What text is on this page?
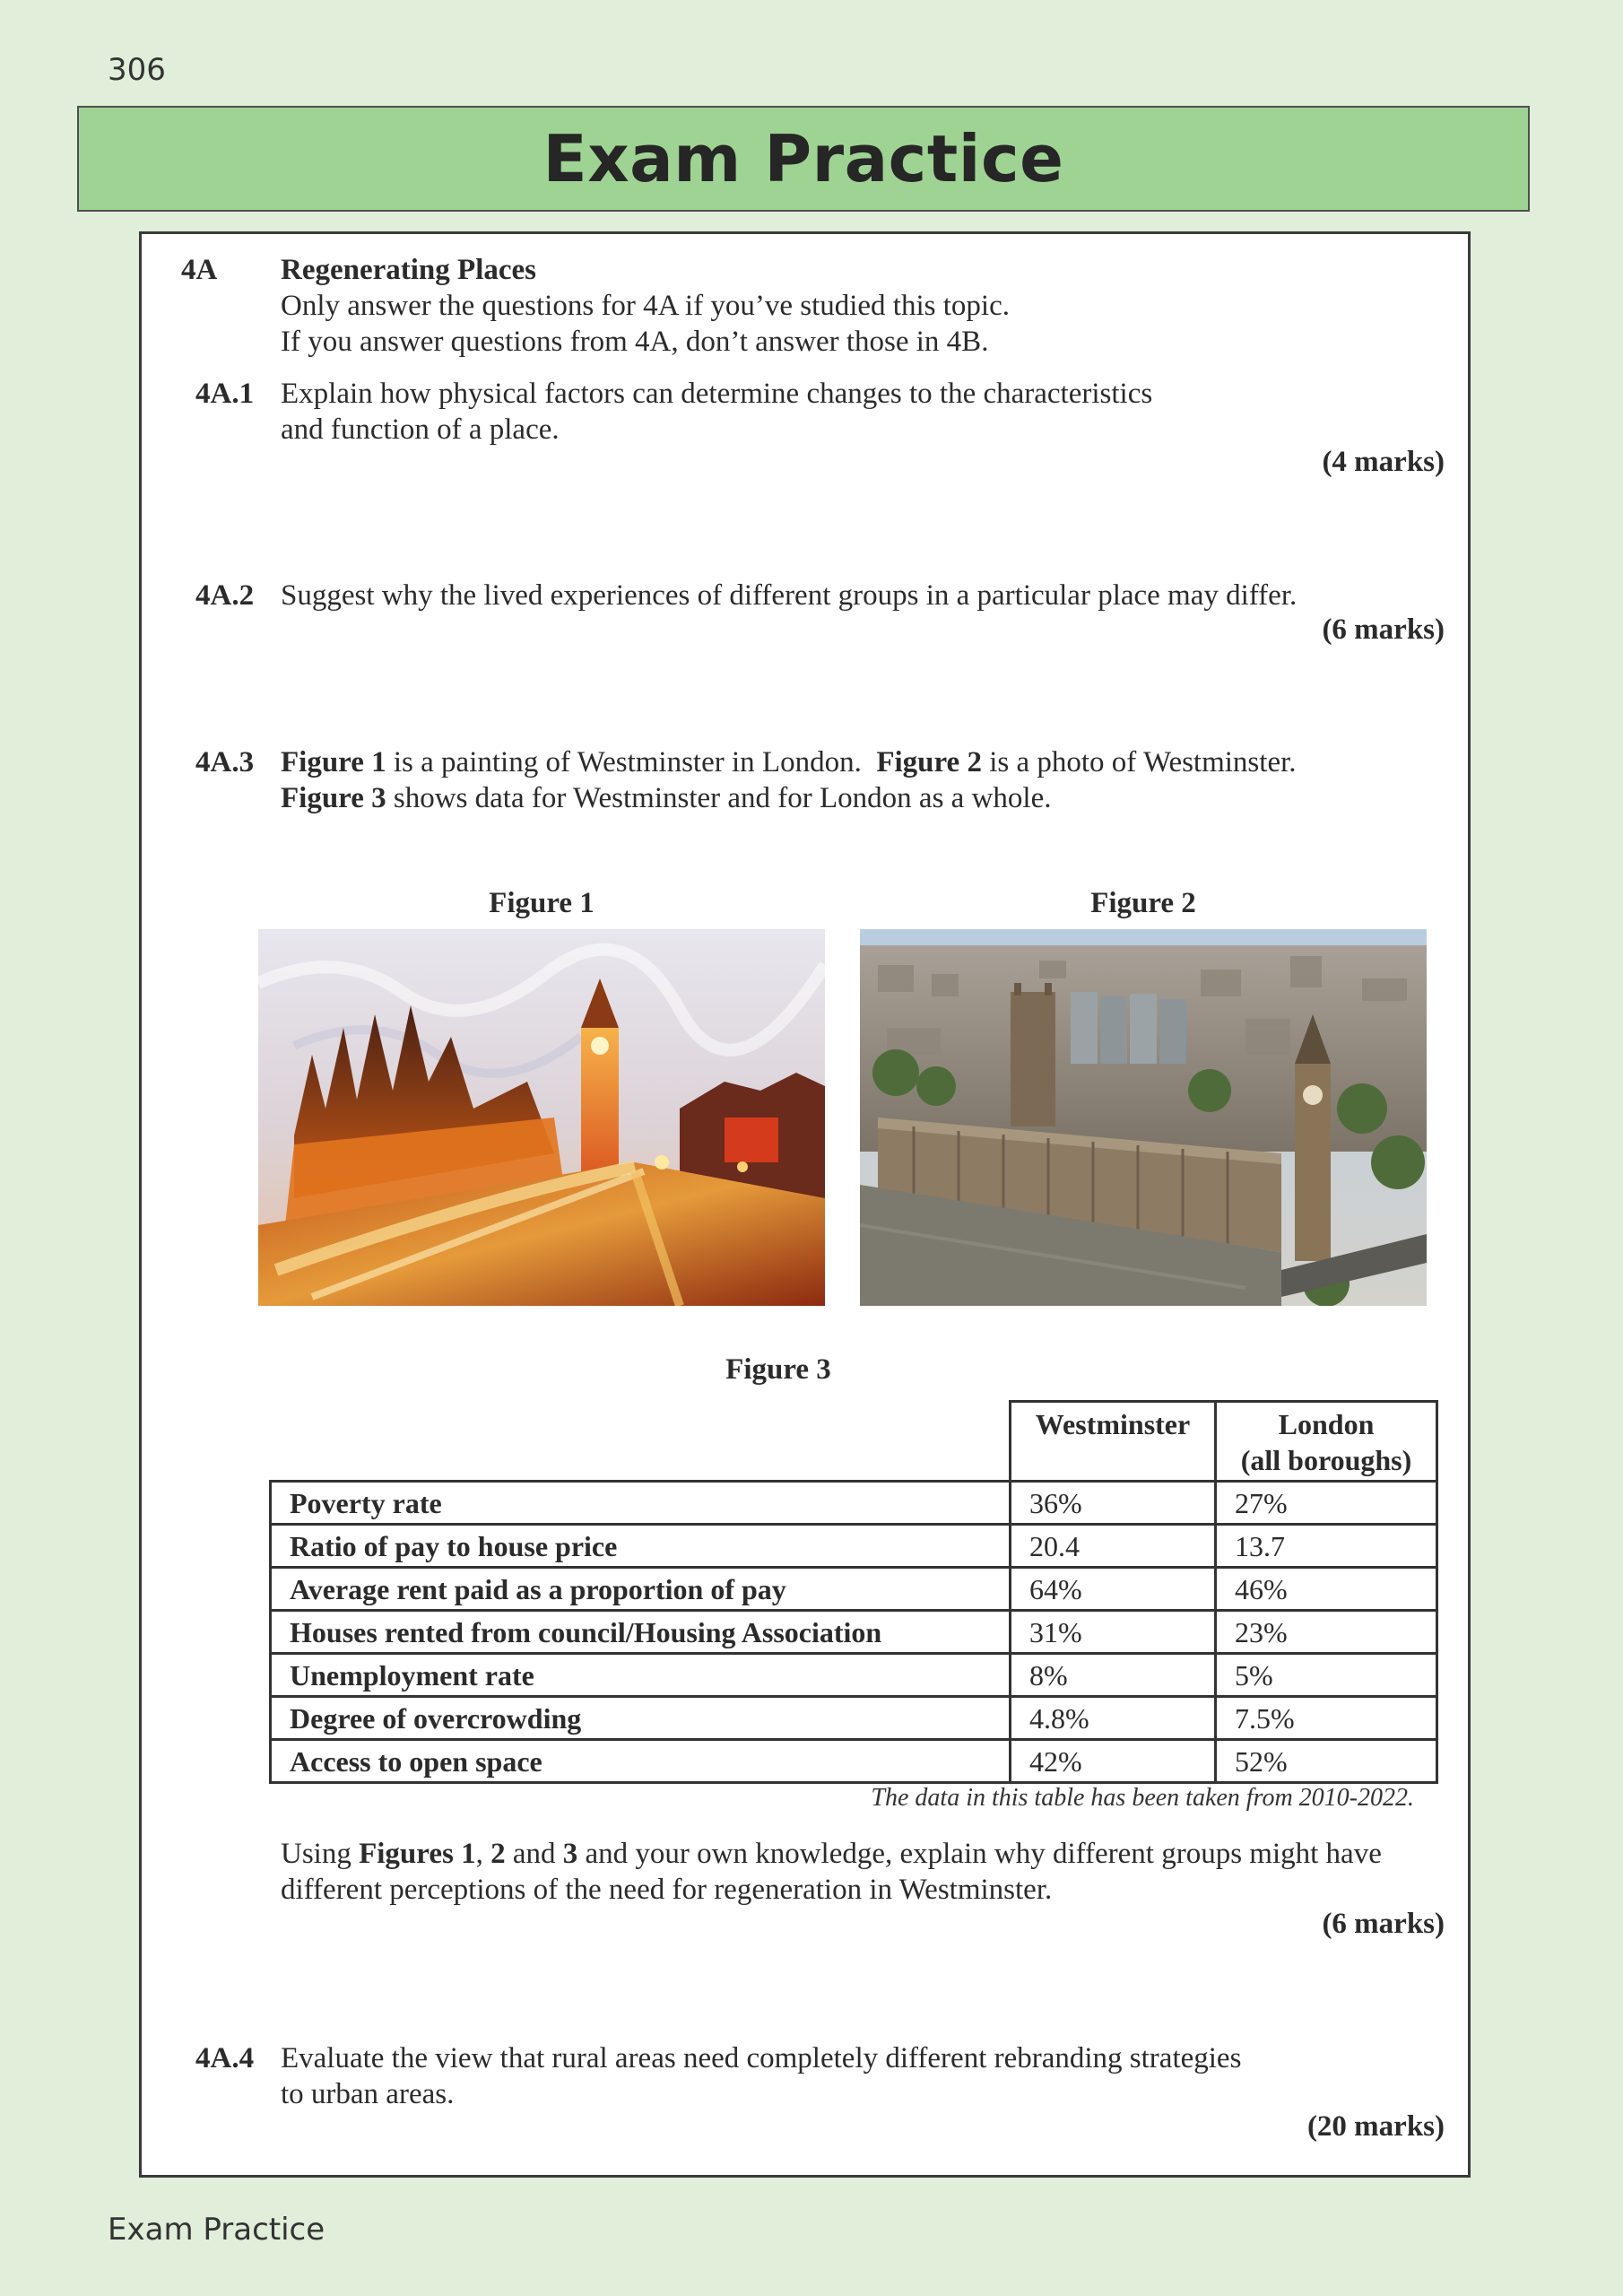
306
Exam Practice
4A Regenerating Places
Only answer the questions for 4A if you’ve studied this topic.
If you answer questions from 4A, don’t answer those in 4B.
4A.1 Explain how physical factors can determine changes to the characteristics
and function of a place.
(4 marks)
4A.2 Suggest why the lived experiences of different groups in a particular place may differ.
(6 marks)
4A.3 Figure 1 is a painting of Westminster in London.  Figure 2 is a photo of Westminster.
Figure 3 shows data for Westminster and for London as a whole.
Figure 1	Figure 2
Figure 3
	Westminster	London
(all boroughs)

Poverty rate	36%	27%
Ratio of pay to house price	20.4	13.7
Average rent paid as a proportion of pay	64%	46%
Houses rented from council/Housing Association	31%	23%
Unemployment rate	8%	5%
Degree of overcrowding	4.8%	7.5%
Access to open space	42%	52%
The data in this table has been taken from 2010-2022.
Using Figures 1, 2 and 3 and your own knowledge, explain why different groups might have
different perceptions of the need for regeneration in Westminster.
(6 marks)
4A.4 Evaluate the view that rural areas need completely different rebranding strategies
to urban areas.
(20 marks)
Exam Practice
